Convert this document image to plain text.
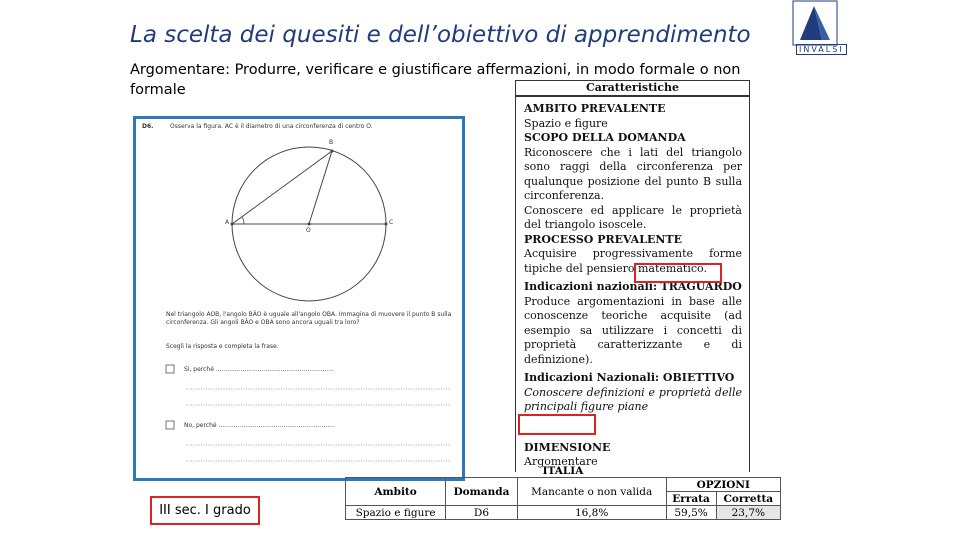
La scelta dei quesiti e dell’obiettivo di apprendimento
Argomentare: Produrre, verificare e giustificare affermazioni, in modo formale o non formale
INVALSI
D6.	Osserva la figura. AC è il diametro di una circonferenza di centro O.
B
A	C
O
Nel triangolo AOB, l'angolo BÂO è uguale all'angolo OBA. Immagina di muovere il punto B sulla circonferenza. Gli angoli BÂO e OBA sono ancora uguali tra loro?
Scegli la risposta e completa la frase.
Sì, perché ..............................................................
No, perché .............................................................
III sec. I grado
Caratteristiche
AMBITO PREVALENTE
Spazio e figure
SCOPO DELLA DOMANDA
Riconoscere che i lati del triangolo sono raggi della circonferenza per qualunque posizione del punto B sulla circonferenza.
Conoscere ed applicare le proprietà del triangolo isoscele.
PROCESSO PREVALENTE
Acquisire progressivamente forme tipiche del pensiero matematico.
Indicazioni nazionali: TRAGUARDO
Produce argomentazioni in base alle conoscenze teoriche acquisite (ad esempio sa utilizzare i concetti di proprietà caratterizzante e di definizione).
Indicazioni Nazionali: OBIETTIVO
Conoscere definizioni e proprietà delle principali figure piane
DIMENSIONE
Argomentare
ITALIA				
Ambito	Domanda	Mancante o non valida	OPZIONI	
			Errata	Corretta
Spazio e figure	D6	16,8%	59,5%	23,7%
